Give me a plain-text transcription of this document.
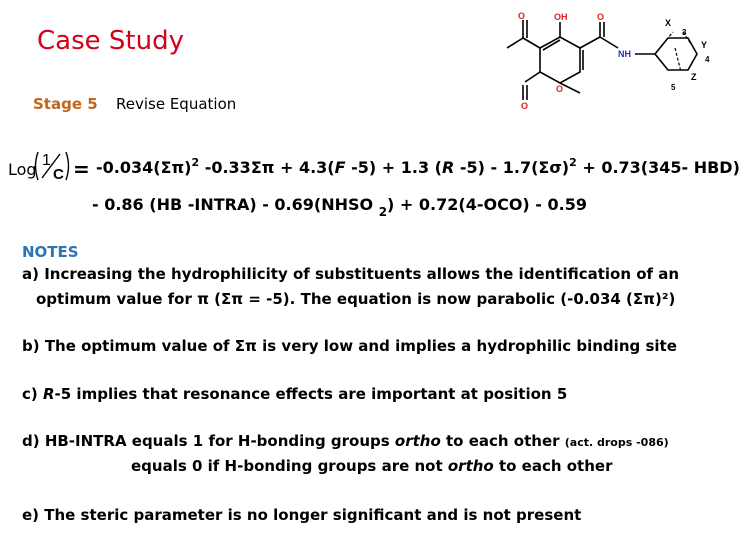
Case Study
Stage 5 Revise Equation
O	OH	O
NH
O
O
X
Y
Z
3
4
5
Log 1
$C = -0.034(\Sigma\pi)^2$ -0.33Σπ + 4.3(F -5) + 1.3 (R $-5) - 1.7(\Sigma\sigma)^2 + 0.73(345-$ HBD)
- 0.86 (HB -INTRA) - 0.69(NHSO $_2$) + 0.72(4-OCO) - 0.59
NOTES
a) Increasing the hydrophilicity of substituents allows the identification of an
optimum value for π (Σπ = -5). The equation is now parabolic (-0.034 (Σπ)²)
b) The optimum value of Σπ is very low and implies a hydrophilic binding site
c) R-5 implies that resonance effects are important at position 5
d) HB-INTRA equals 1 for H-bonding groups ortho to each other (act. drops -086)
equals 0 if H-bonding groups are not ortho to each other
e) The steric parameter is no longer significant and is not present
